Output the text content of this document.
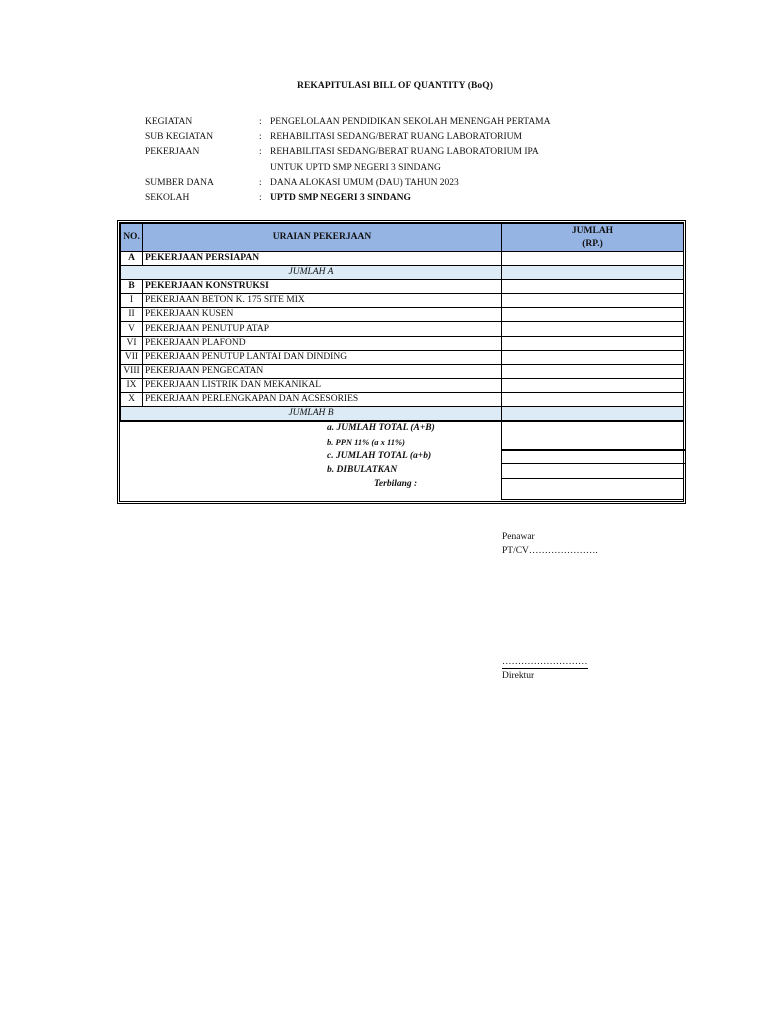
REKAPITULASI BILL OF QUANTITY (BoQ)
KEGIATAN	: PENGELOLAAN PENDIDIKAN SEKOLAH MENENGAH PERTAMA
SUB KEGIATAN	: REHABILITASI SEDANG/BERAT RUANG LABORATORIUM
PEKERJAAN	: REHABILITASI SEDANG/BERAT RUANG LABORATORIUM IPA
UNTUK UPTD SMP NEGERI 3 SINDANG
SUMBER DANA	: DANA ALOKASI UMUM (DAU) TAHUN 2023
SEKOLAH	: UPTD SMP NEGERI 3 SINDANG
NO.	URAIAN PEKERJAAN	JUMLAH
(RP.)

A	PEKERJAAN PERSIAPAN	
JUMLAH A		
B	PEKERJAAN KONSTRUKSI	
I	PEKERJAAN BETON K. 175 SITE MIX	
II	PEKERJAAN KUSEN	
V	PEKERJAAN PENUTUP ATAP	
VI	PEKERJAAN PLAFOND	
VII	PEKERJAAN PENUTUP LANTAI DAN DINDING	
VIII	PEKERJAAN PENGECATAN	
IX	PEKERJAAN LISTRIK DAN MEKANIKAL	
X	PEKERJAAN PERLENGKAPAN DAN ACSESORIES	
JUMLAH B		
a. JUMLAH TOTAL (A+B)
b. PPN 11% (a x 11%)
c. JUMLAH TOTAL (a+b)
b. DIBULATKAN
Terbilang :
Penawar
PT/CV………………….
………………………
Direktur
